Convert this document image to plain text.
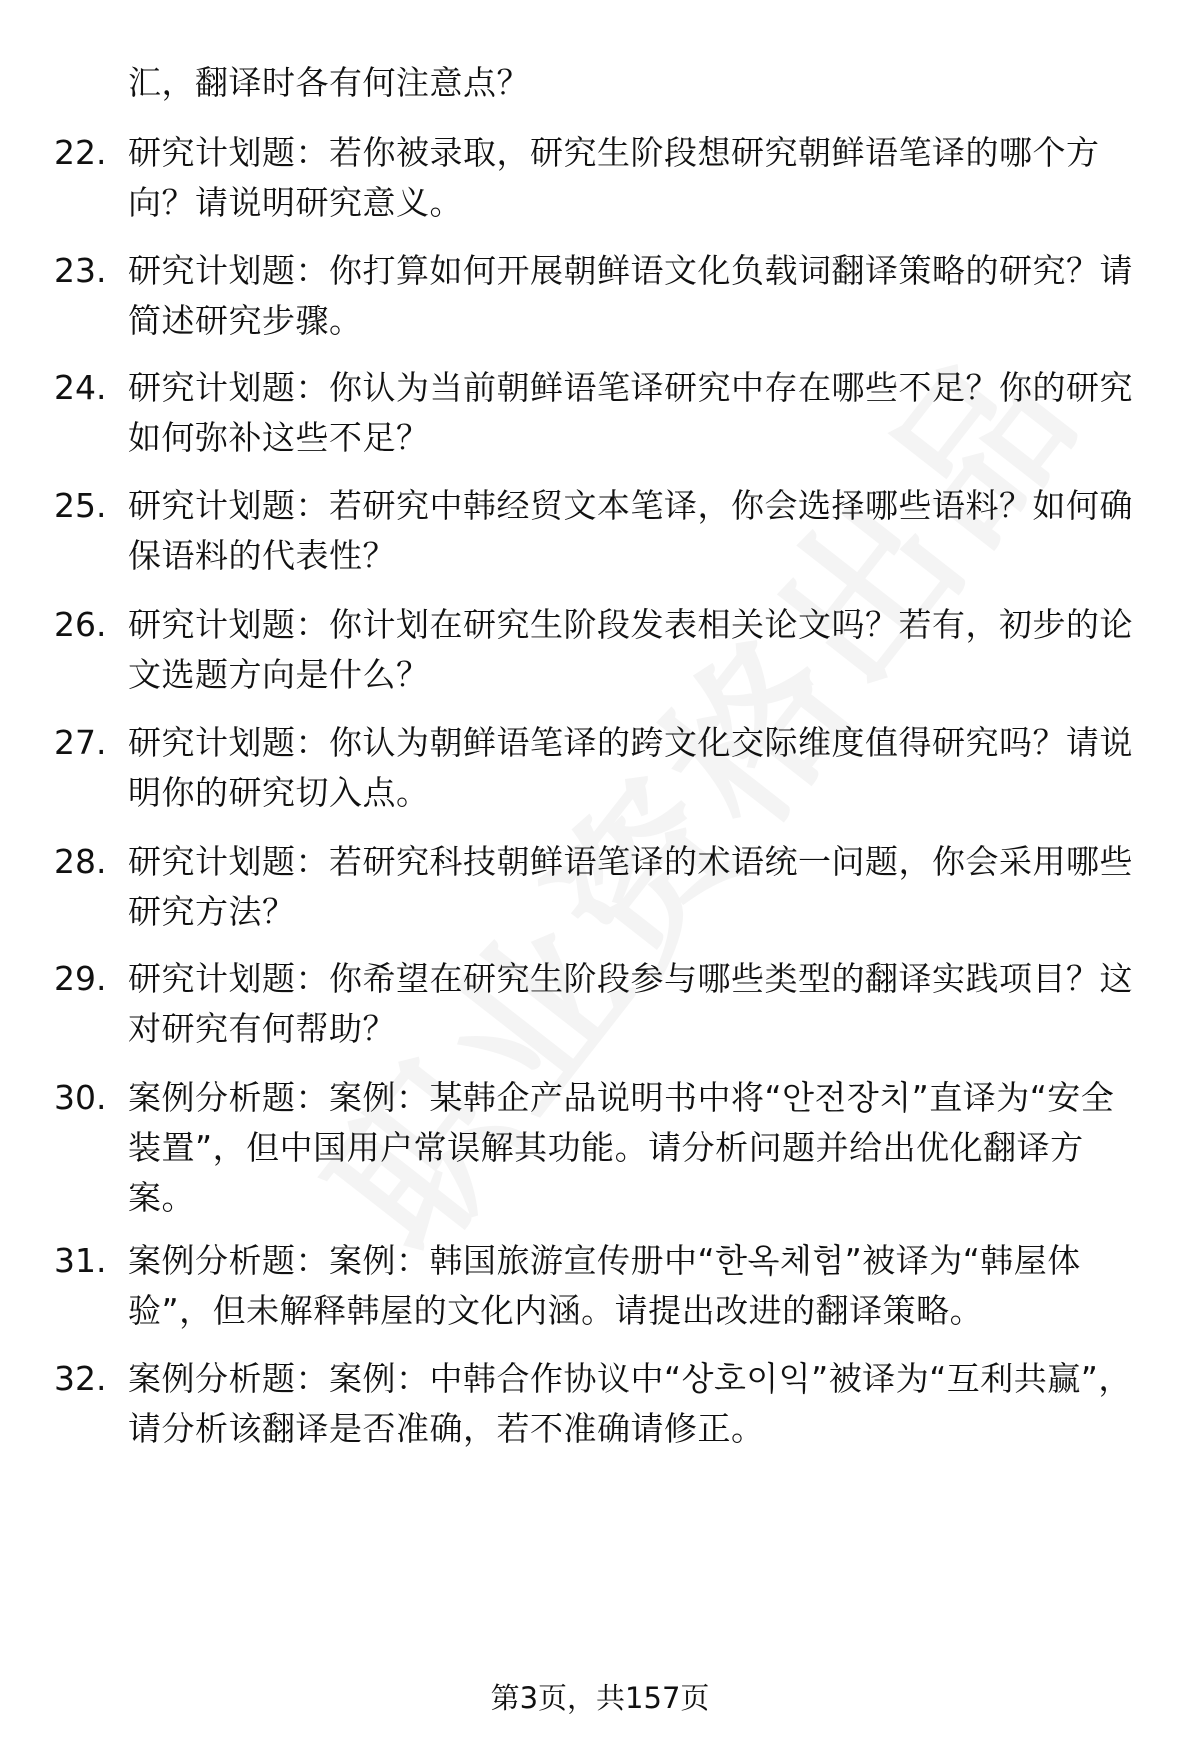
汇，翻译时各有何注意点？
22. 研究计划题：若你被录取，研究生阶段想研究朝鲜语笔译的哪个方向？请说明研究意义。
23. 研究计划题：你打算如何开展朝鲜语文化负载词翻译策略的研究？请简述研究步骤。
24. 研究计划题：你认为当前朝鲜语笔译研究中存在哪些不足？你的研究如何弥补这些不足？
25. 研究计划题：若研究中韩经贸文本笔译，你会选择哪些语料？如何确保语料的代表性？
26. 研究计划题：你计划在研究生阶段发表相关论文吗？若有，初步的论文选题方向是什么？
27. 研究计划题：你认为朝鲜语笔译的跨文化交际维度值得研究吗？请说明你的研究切入点。
28. 研究计划题：若研究科技朝鲜语笔译的术语统一问题，你会采用哪些研究方法？
29. 研究计划题：你希望在研究生阶段参与哪些类型的翻译实践项目？这对研究有何帮助？
30. 案例分析题：案例：某韩企产品说明书中将“안전장치”直译为“安全装置”，但中国用户常误解其功能。请分析问题并给出优化翻译方案。
31. 案例分析题：案例：韩国旅游宣传册中“한옥체험”被译为“韩屋体验”，但未解释韩屋的文化内涵。请提出改进的翻译策略。
32. 案例分析题：案例：中韩合作协议中“상호이익”被译为“互利共赢”，请分析该翻译是否准确，若不准确请修正。
第3页，共157页
